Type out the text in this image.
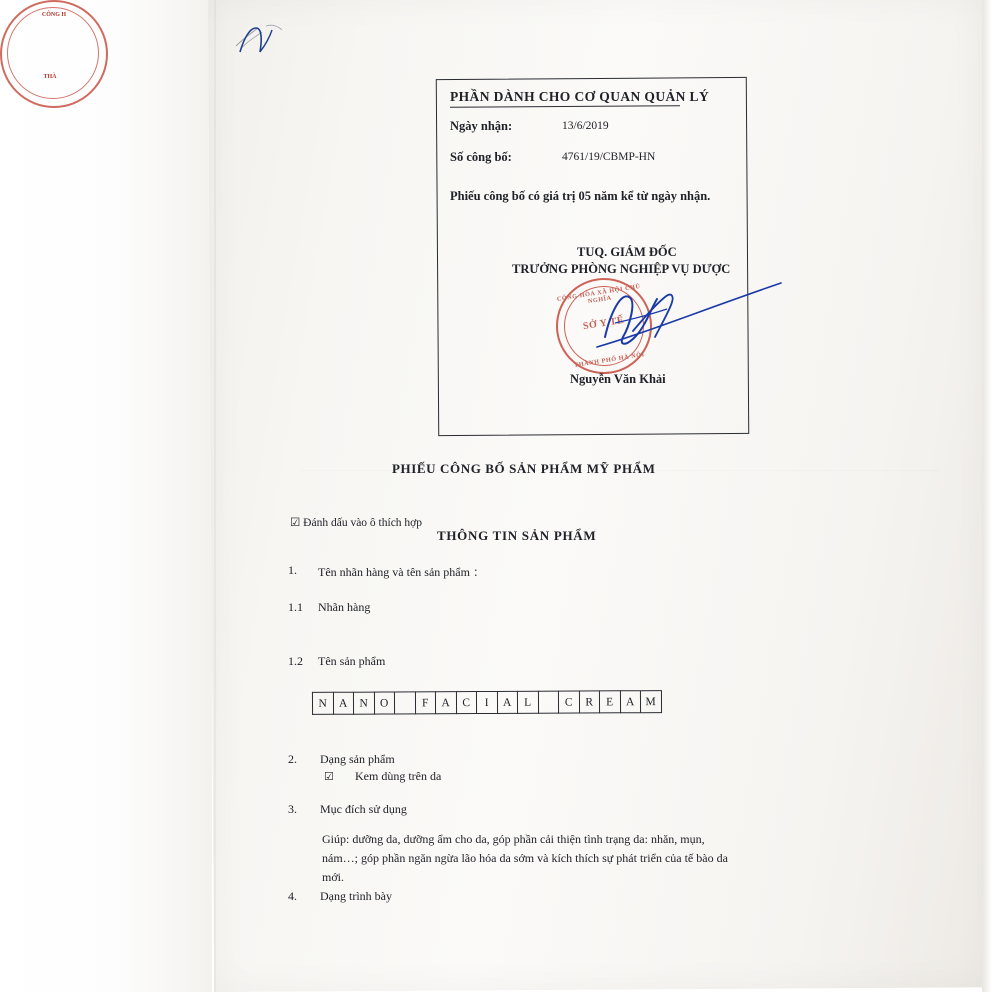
PHẦN DÀNH CHO CƠ QUAN QUẢN LÝ
Ngày nhận:	13/6/2019
Số công bố:	4761/19/CBMP-HN
Phiếu công bố có giá trị 05 năm kể từ ngày nhận.
TUQ. GIÁM ĐỐC
TRƯỞNG PHÒNG NGHIỆP VỤ DƯỢC
CÔNG HÒA XÃ HỘI CHỦ NGHĨA
SỞ Y TẾ
THÀNH PHỐ HÀ NỘI
CÔNG H
THÀ
Nguyễn Văn Khải
PHIẾU CÔNG BỐ SẢN PHẨM MỸ PHẨM
☑ Đánh dấu vào ô thích hợp
THÔNG TIN SẢN PHẨM
1. Tên nhãn hàng và tên sản phẩm ：
1.1 Nhãn hàng
1.2 Tên sản phẩm
N	A	N	O	F	A	C	I	A	L	C	R	E	A M
2. Dạng sản phẩm
☑ Kem dùng trên da
3. Mục đích sử dụng
Giúp: dưỡng da, dưỡng ẩm cho da, góp phần cải thiện tình trạng da: nhăn, mụn,
nám…; góp phần ngăn ngừa lão hóa da sớm và kích thích sự phát triển của tế bào da
mới.
4. Dạng trình bày
